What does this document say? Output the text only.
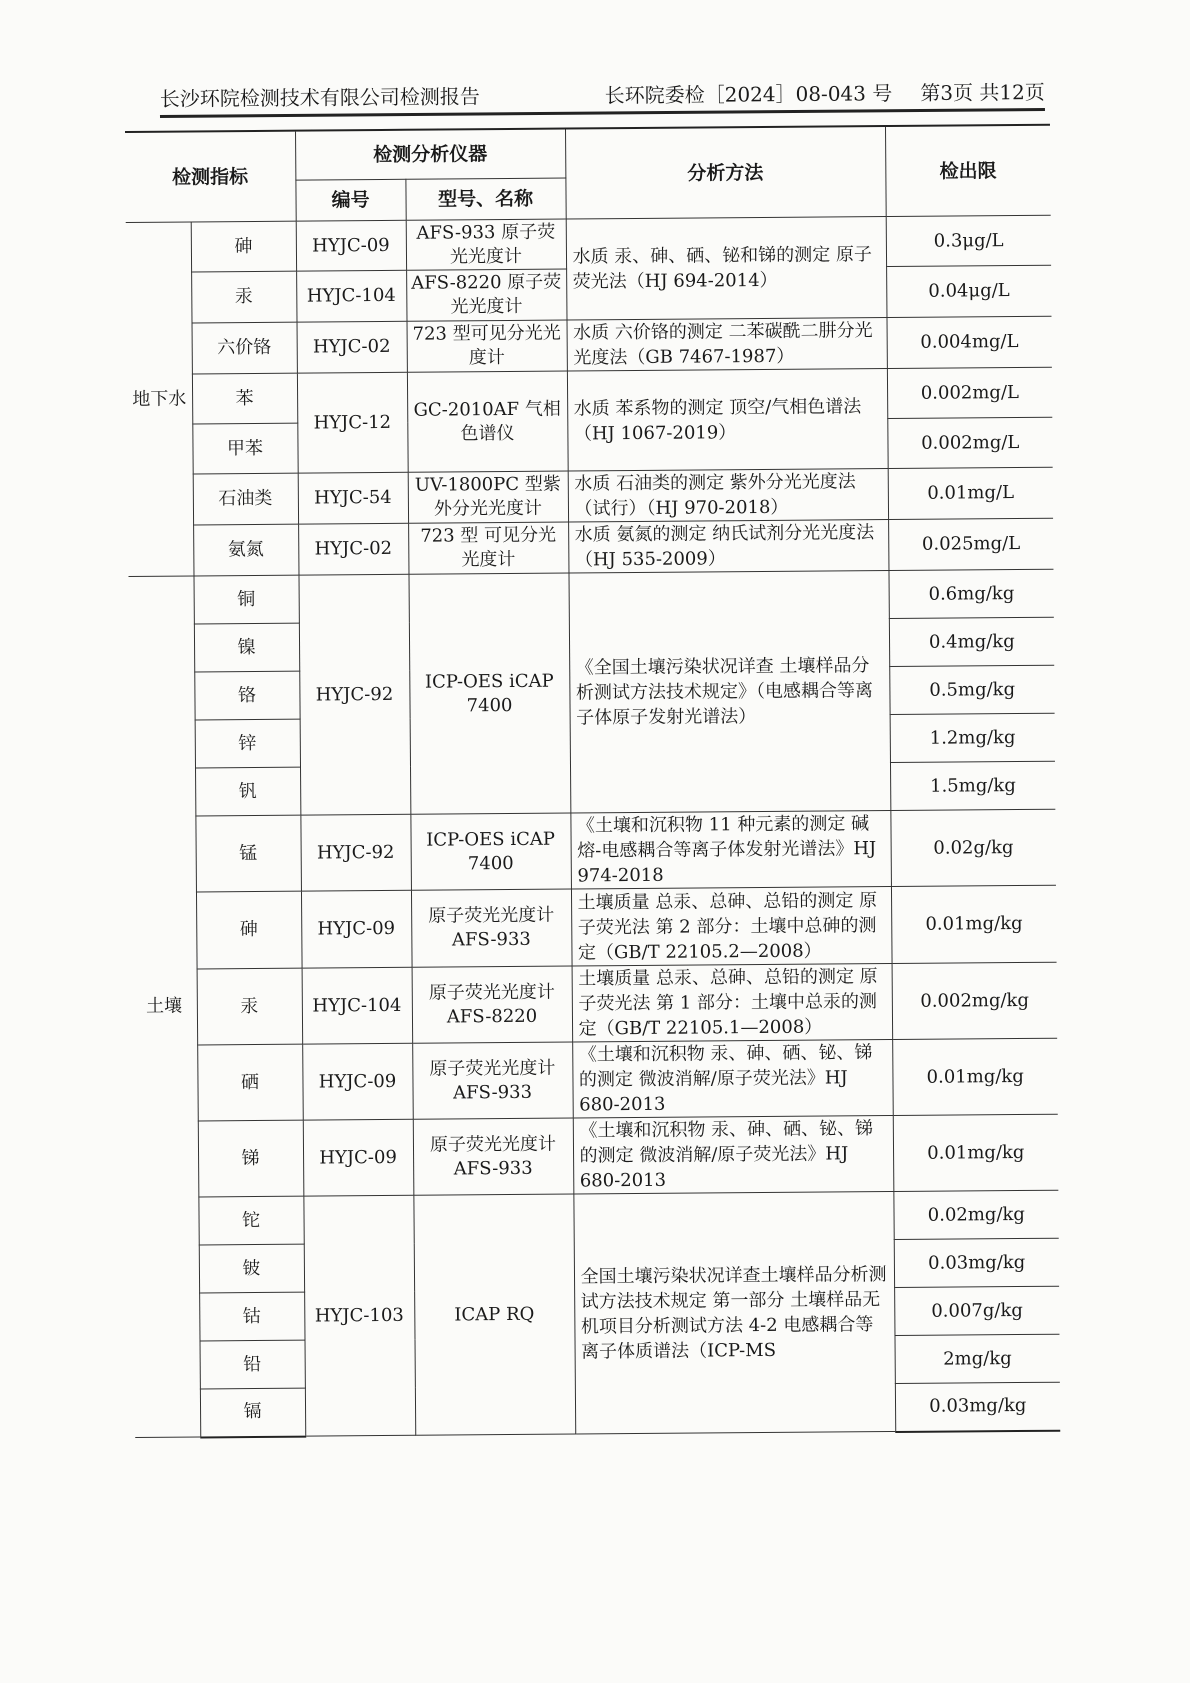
长沙环院检测技术有限公司检测报告	长环院委检［2024］08-043 号 第3页 共12页
检测指标		检测分析仪器		分析方法	检出限
		编号	型号、名称		
地下水	砷	HYJC-09	AFS-933 原子荧光光度计	水质 汞、砷、硒、铋和锑的测定 原子荧光法（HJ 694-2014）	0.3μg/L
	汞	HYJC-104	AFS-8220 原子荧光光度计		0.04μg/L
	六价铬	HYJC-02	723 型可见分光光度计	水质 六价铬的测定 二苯碳酰二肼分光光度法（GB 7467-1987）	0.004mg/L
	苯	HYJC-12	GC-2010AF 气相色谱仪	水质 苯系物的测定 顶空/气相色谱法（HJ 1067-2019）	0.002mg/L
	甲苯				0.002mg/L
	石油类	HYJC-54	UV-1800PC 型紫外分光光度计	水质 石油类的测定 紫外分光光度法（试行）（HJ 970-2018）	0.01mg/L
	氨氮	HYJC-02	723 型 可见分光光度计	水质 氨氮的测定 纳氏试剂分光光度法（HJ 535-2009）	0.025mg/L
土壤	铜	HYJC-92	ICP-OES iCAP 7400	《全国土壤污染状况详查 土壤样品分析测试方法技术规定》（电感耦合等离子体原子发射光谱法）	0.6mg/kg
	镍				0.4mg/kg
	铬				0.5mg/kg
	锌				1.2mg/kg
	钒				1.5mg/kg
	锰	HYJC-92	ICP-OES iCAP 7400	《土壤和沉积物 11 种元素的测定 碱熔-电感耦合等离子体发射光谱法》HJ 974-2018	0.02g/kg
	砷	HYJC-09	原子荧光光度计 AFS-933	土壤质量 总汞、总砷、总铅的测定 原子荧光法 第 2 部分：土壤中总砷的测定（GB/T 22105.2—2008）	0.01mg/kg
	汞	HYJC-104	原子荧光光度计 AFS-8220	土壤质量 总汞、总砷、总铅的测定 原子荧光法 第 1 部分：土壤中总汞的测定（GB/T 22105.1—2008）	0.002mg/kg
	硒	HYJC-09	原子荧光光度计 AFS-933	《土壤和沉积物 汞、砷、硒、铋、锑的测定 微波消解/原子荧光法》HJ 680-2013	0.01mg/kg
	锑	HYJC-09	原子荧光光度计 AFS-933	《土壤和沉积物 汞、砷、硒、铋、锑的测定 微波消解/原子荧光法》HJ 680-2013	0.01mg/kg
	铊	HYJC-103	ICAP RQ	全国土壤污染状况详查土壤样品分析测试方法技术规定 第一部分 土壤样品无机项目分析测试方法 4-2 电感耦合等离子体质谱法（ICP-MS	0.02mg/kg
	铍				0.03mg/kg
	钴				0.007g/kg
	铅				2mg/kg
	镉				0.03mg/kg
